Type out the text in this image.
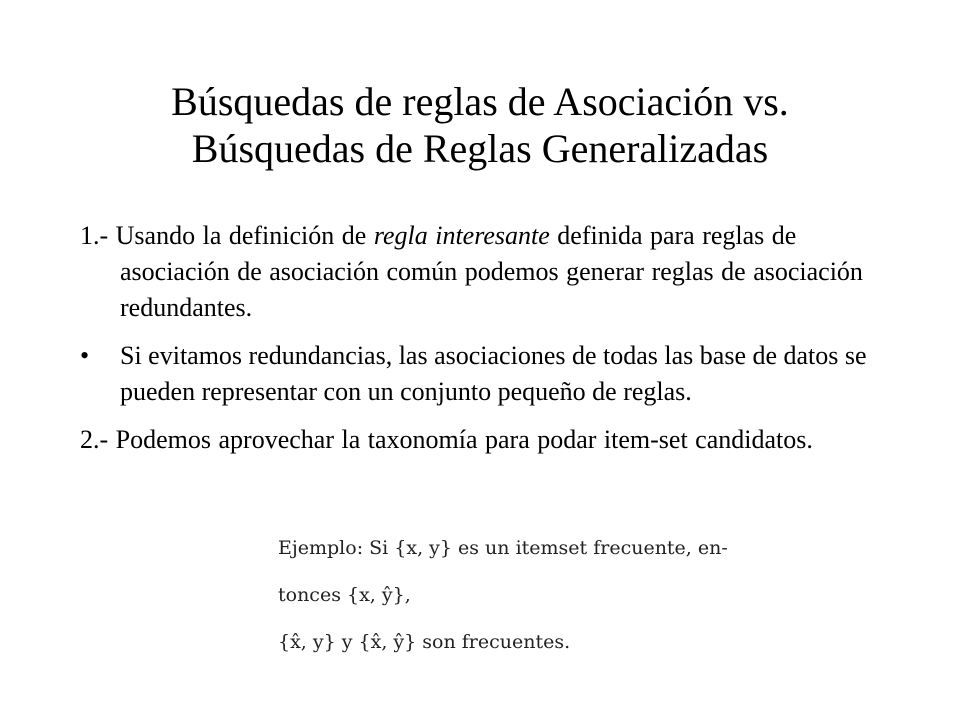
Búsquedas de reglas de Asociación vs.
Búsquedas de Reglas Generalizadas

1.- Usando la definición de regla interesante definida para reglas de asociación de asociación común podemos generar reglas de asociación redundantes.

• Si evitamos redundancias, las asociaciones de todas las base de datos se pueden representar con un conjunto pequeño de reglas.

2.- Podemos aprovechar la taxonomía para podar item-set candidatos.

Ejemplo: Si {x, y} es un itemset frecuente, en-
tonces {x, ŷ},
{x̂, y} y {x̂, ŷ} son frecuentes.
